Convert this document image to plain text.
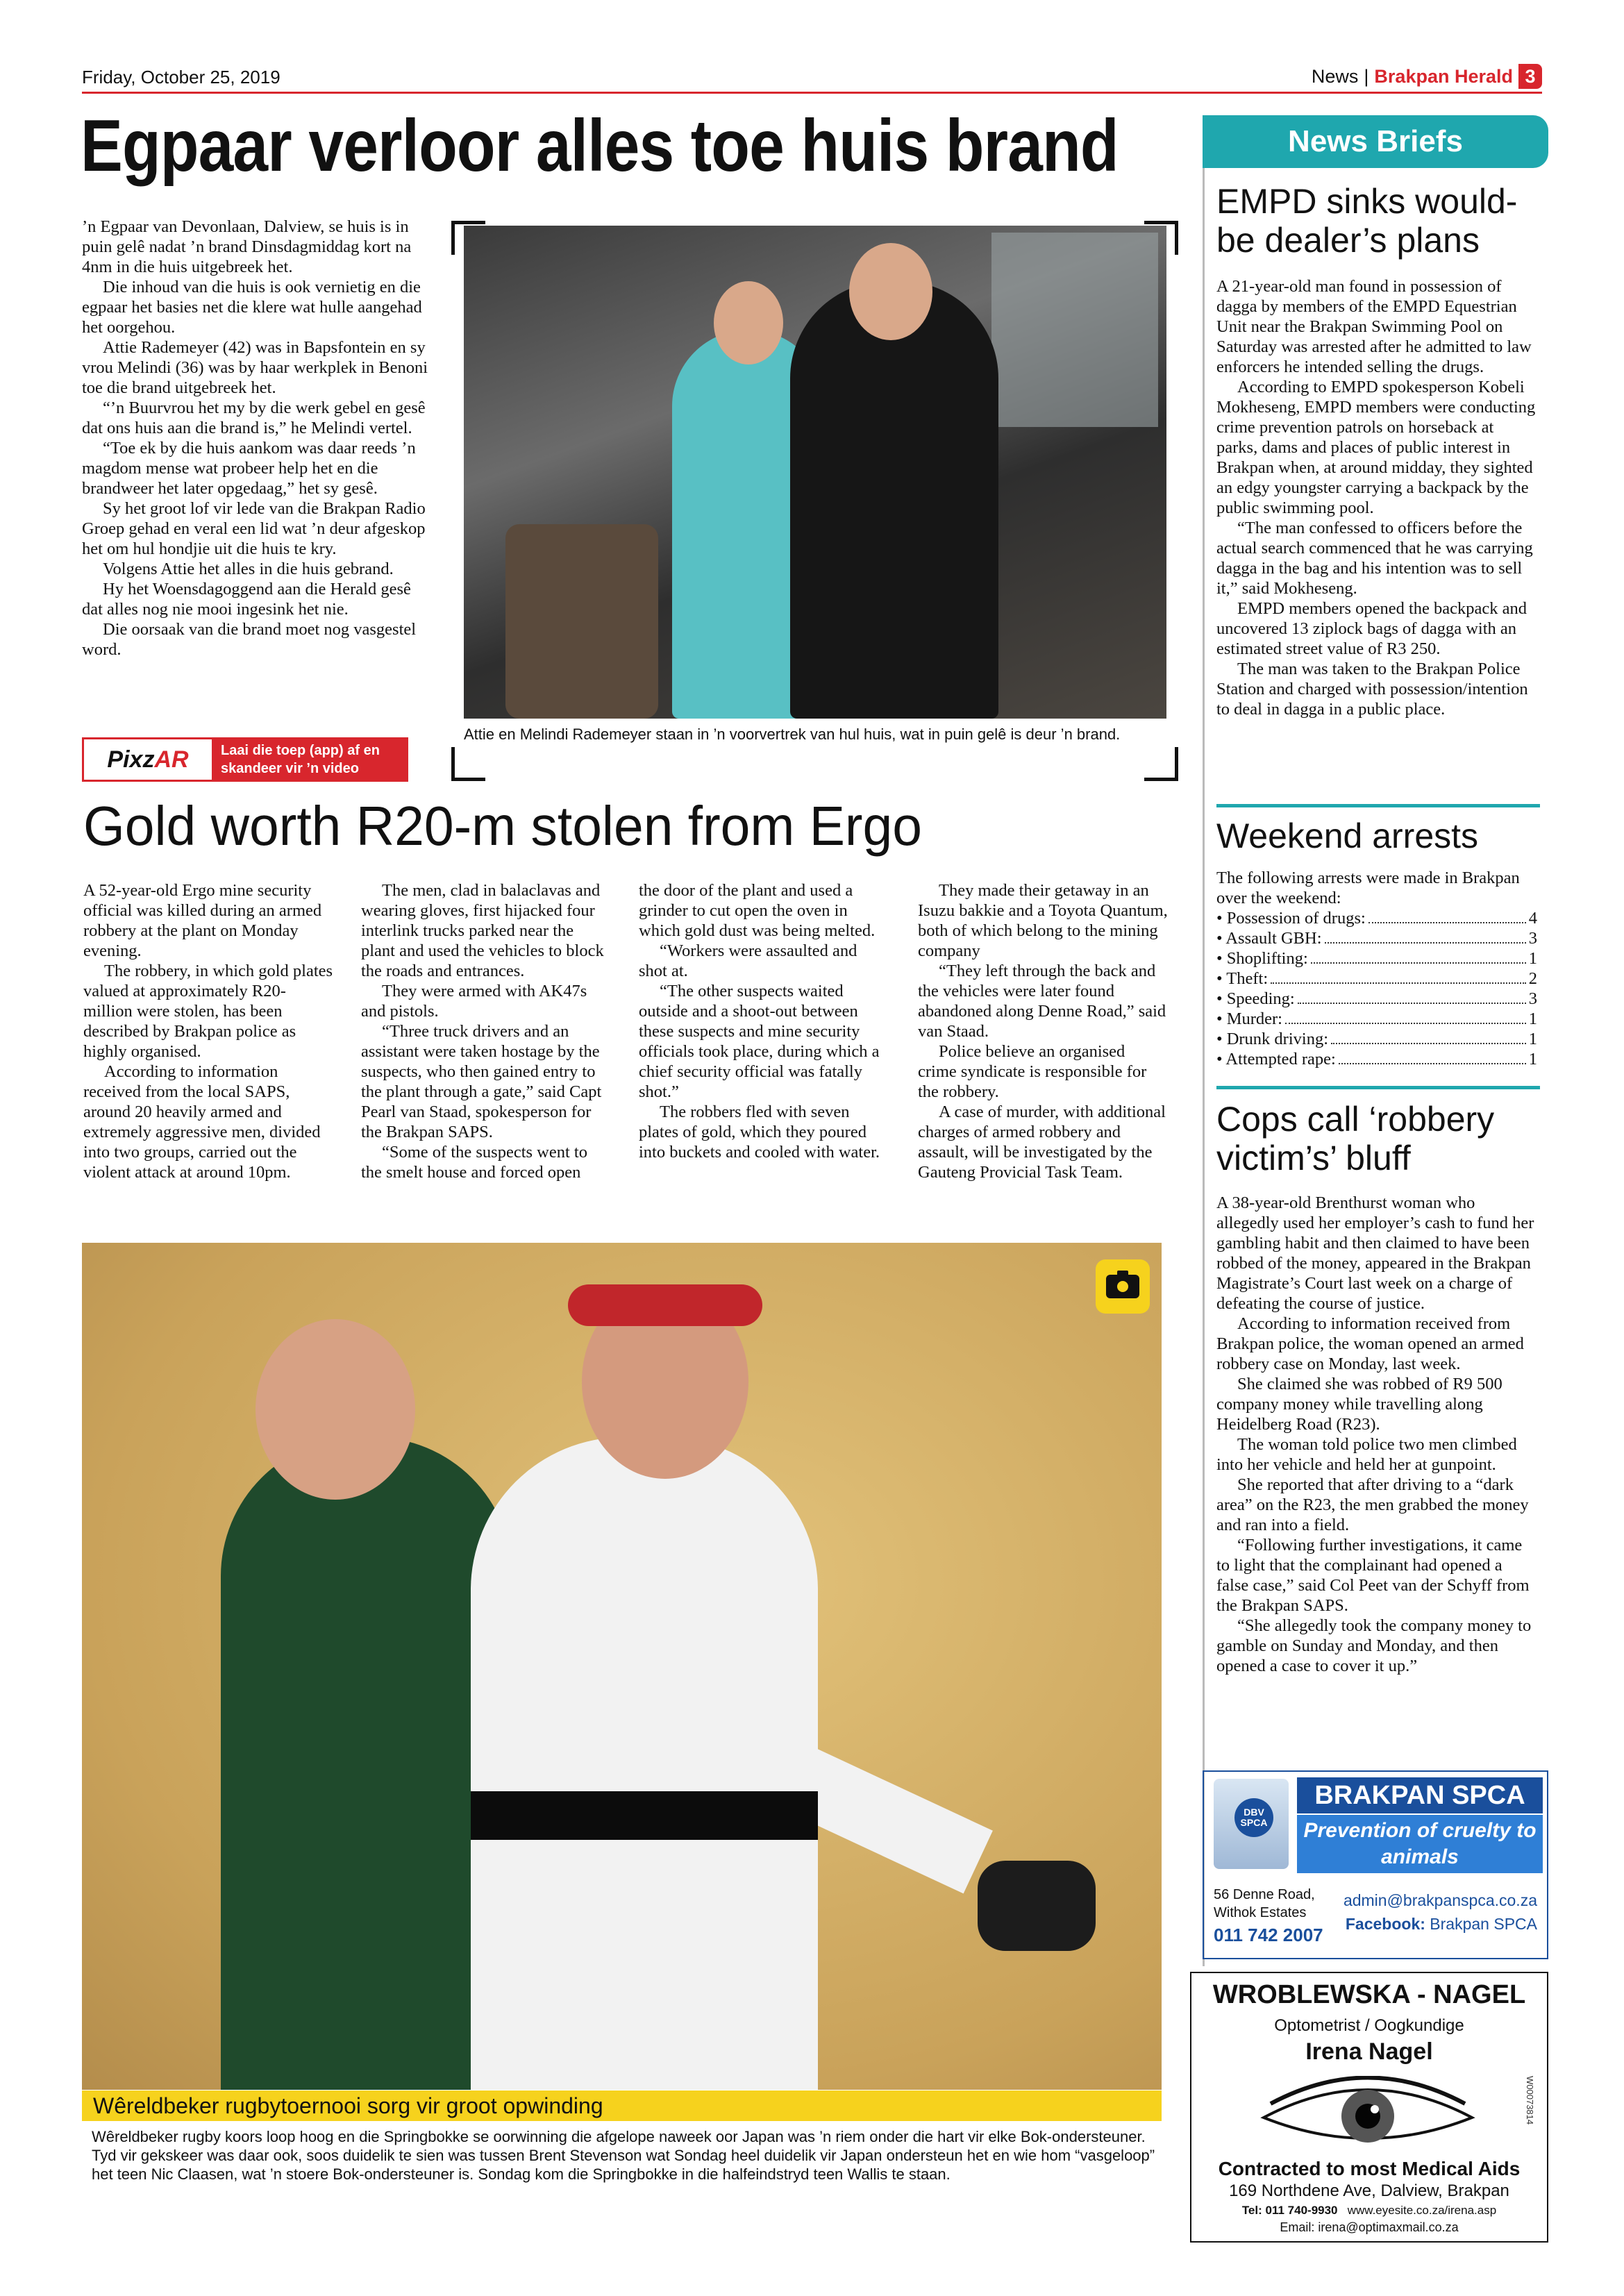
Friday, October 25, 2019	News | Brakpan Herald 3
Egpaar verloor alles toe huis brand

’n Egpaar van Devonlaan, Dalview, se huis is in puin gelê nadat ’n brand Dinsdagmiddag kort na 4nm in die huis uitgebreek het.

Die inhoud van die huis is ook vernietig en die egpaar het basies net die klere wat hulle aangehad het oorgehou.

Attie Rademeyer (42) was in Bapsfontein en sy vrou Melindi (36) was by haar werkplek in Benoni toe die brand uitgebreek het.

“’n Buurvrou het my by die werk gebel en gesê dat ons huis aan die brand is,” he Melindi vertel.

“Toe ek by die huis aankom was daar reeds ’n magdom mense wat probeer help het en die brandweer het later opgedaag,” het sy gesê.

Sy het groot lof vir lede van die Brakpan Radio Groep gehad en veral een lid wat ’n deur afgeskop het om hul hondjie uit die huis te kry.

Volgens Attie het alles in die huis gebrand.

Hy het Woensdagoggend aan die Herald gesê dat alles nog nie mooi ingesink het nie.

Die oorsaak van die brand moet nog vasgestel word.

Attie en Melindi Rademeyer staan in ’n voorvertrek van hul huis, wat in puin gelê is deur ’n brand.
Pixz AR	Laai die toep (app) af en skandeer vir ’n video
Gold worth R20-m stolen from Ergo

A 52-year-old Ergo mine security official was killed during an armed robbery at the plant on Monday evening.

The robbery, in which gold plates valued at approximately R20-million were stolen, has been described by Brakpan police as highly organised.

According to information received from the local SAPS, around 20 heavily armed and extremely aggressive men, divided into two groups, carried out the violent attack at around 10pm.

The men, clad in balaclavas and wearing gloves, first hijacked four interlink trucks parked near the plant and used the vehicles to block the roads and entrances.

They were armed with AK47s and pistols.

“Three truck drivers and an assistant were taken hostage by the suspects, who then gained entry to the plant through a gate,” said Capt Pearl van Staad, spokesperson for the Brakpan SAPS.

“Some of the suspects went to the smelt house and forced open

the door of the plant and used a grinder to cut open the oven in which gold dust was being melted.

“Workers were assaulted and shot at.

“The other suspects waited outside and a shoot-out between these suspects and mine security officials took place, during which a chief security official was fatally shot.”

The robbers fled with seven plates of gold, which they poured into buckets and cooled with water.

They made their getaway in an Isuzu bakkie and a Toyota Quantum, both of which belong to the mining company

“They left through the back and the vehicles were later found abandoned along Denne Road,” said van Staad.

Police believe an organised crime syndicate is responsible for the robbery.

A case of murder, with additional charges of armed robbery and assault, will be investigated by the Gauteng Provicial Task Team.

Wêreldbeker rugbytoernooi sorg vir groot opwinding
Wêreldbeker rugby koors loop hoog en die Springbokke se oorwinning die afgelope naweek oor Japan was ’n riem onder die hart vir elke Bok-ondersteuner. Tyd vir gekskeer was daar ook, soos duidelik te sien was tussen Brent Stevenson wat Sondag heel duidelik vir Japan ondersteun het en wie hom “vasgeloop” het teen Nic Claasen, wat ’n stoere Bok-ondersteuner is. Sondag kom die Springbokke in die halfeindstryd teen Wallis te staan.
News Briefs
EMPD sinks would-be dealer’s plans

A 21-year-old man found in possession of dagga by members of the EMPD Equestrian Unit near the Brakpan Swimming Pool on Saturday was arrested after he admitted to law enforcers he intended selling the drugs.

According to EMPD spokesperson Kobeli Mokheseng, EMPD members were conducting crime prevention patrols on horseback at parks, dams and places of public interest in Brakpan when, at around midday, they sighted an edgy youngster carrying a backpack by the public swimming pool.

“The man confessed to officers before the actual search commenced that he was carrying dagga in the bag and his intention was to sell it,” said Mokheseng.

EMPD members opened the backpack and uncovered 13 ziplock bags of dagga with an estimated street value of R3 250.

The man was taken to the Brakpan Police Station and charged with possession/intention to deal in dagga in a public place.

Weekend arrests

The following arrests were made in Brakpan over the weekend:

• Possession of drugs:	4
• Assault GBH:	3
• Shoplifting:	1
• Theft:	2
• Speeding:	3
• Murder:	1
• Drunk driving:	1
• Attempted rape:	1
Cops call ‘robbery victim’s’ bluff

A 38-year-old Brenthurst woman who allegedly used her employer’s cash to fund her gambling habit and then claimed to have been robbed of the money, appeared in the Brakpan Magistrate’s Court last week on a charge of defeating the course of justice.

According to information received from Brakpan police, the woman opened an armed robbery case on Monday, last week.

She claimed she was robbed of R9 500 company money while travelling along Heidelberg Road (R23).

The woman told police two men climbed into her vehicle and held her at gunpoint.

She reported that after driving to a “dark area” on the R23, the men grabbed the money and ran into a field.

“Following further investigations, it came to light that the complainant had opened a false case,” said Col Peet van der Schyff from the Brakpan SAPS.

“She allegedly took the company money to gamble on Sunday and Monday, and then opened a case to cover it up.”

DBV SPCA
BRAKPAN SPCA
Prevention of cruelty to animals
56 Denne Road,
Withok Estates
011 742 2007
admin@brakpanspca.co.za
Facebook: Brakpan SPCA
WROBLEWSKA - NAGEL
Optometrist / Oogkundige
Irena Nagel
W00073814
Contracted to most Medical Aids
169 Northdene Ave, Dalview, Brakpan
Tel: 011 740-9930 www.eyesite.co.za/irena.asp
Email: irena@optimaxmail.co.za
